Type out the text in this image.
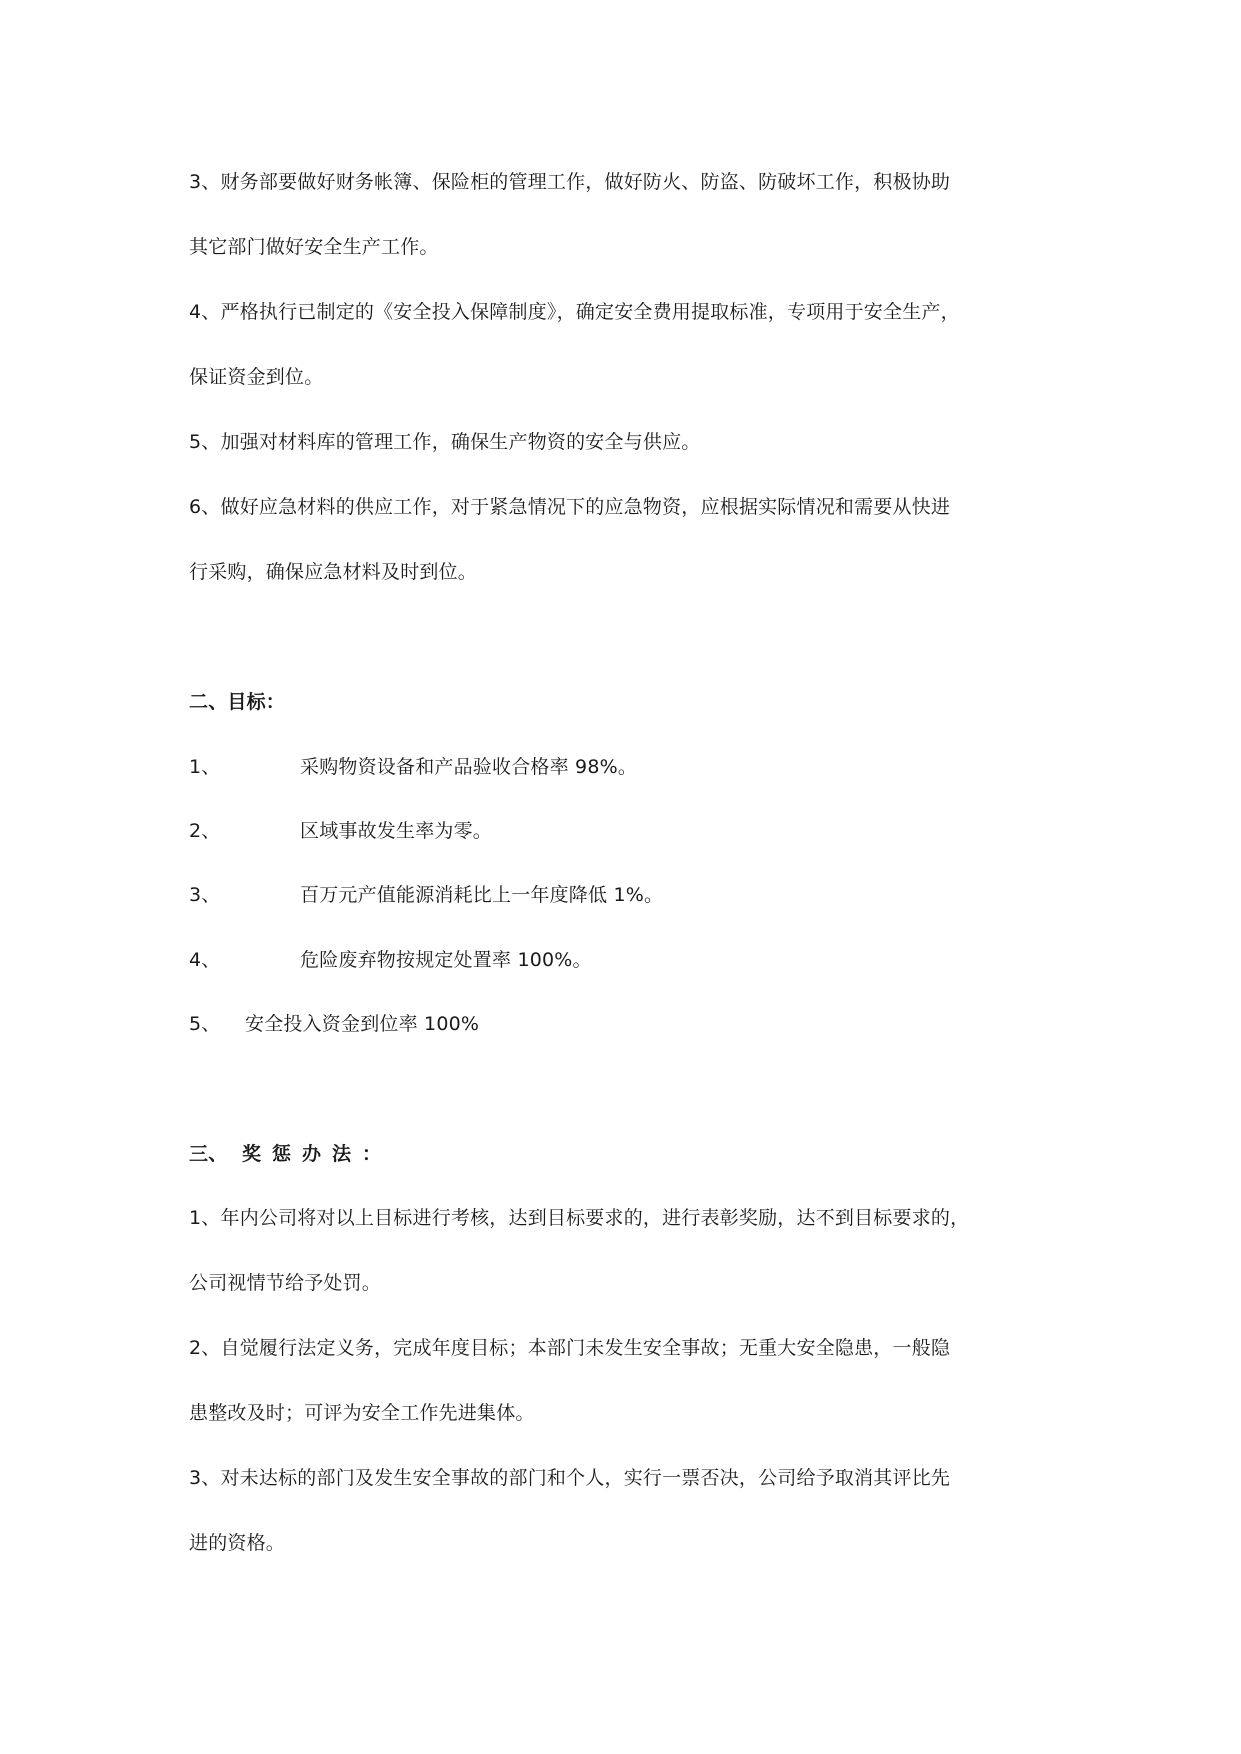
3、财务部要做好财务帐簿、保险柜的管理工作，做好防火、防盗、防破坏工作，积极协助
其它部门做好安全生产工作。
4、严格执行已制定的《安全投入保障制度》，确定安全费用提取标准，专项用于安全生产，
保证资金到位。
5、加强对材料库的管理工作，确保生产物资的安全与供应。
6、做好应急材料的供应工作，对于紧急情况下的应急物资，应根据实际情况和需要从快进
行采购，确保应急材料及时到位。
二、目标：
1、	采购物资设备和产品验收合格率 98%。
2、	区域事故发生率为零。
3、	百万元产值能源消耗比上一年度降低 1%。
4、	危险废弃物按规定处置率 100%。
5、 安全投入资金到位率 100%
三、 奖惩办法：
1、年内公司将对以上目标进行考核，达到目标要求的，进行表彰奖励，达不到目标要求的，
公司视情节给予处罚。
2、自觉履行法定义务，完成年度目标；本部门未发生安全事故；无重大安全隐患，一般隐
患整改及时；可评为安全工作先进集体。
3、对未达标的部门及发生安全事故的部门和个人，实行一票否决，公司给予取消其评比先
进的资格。
